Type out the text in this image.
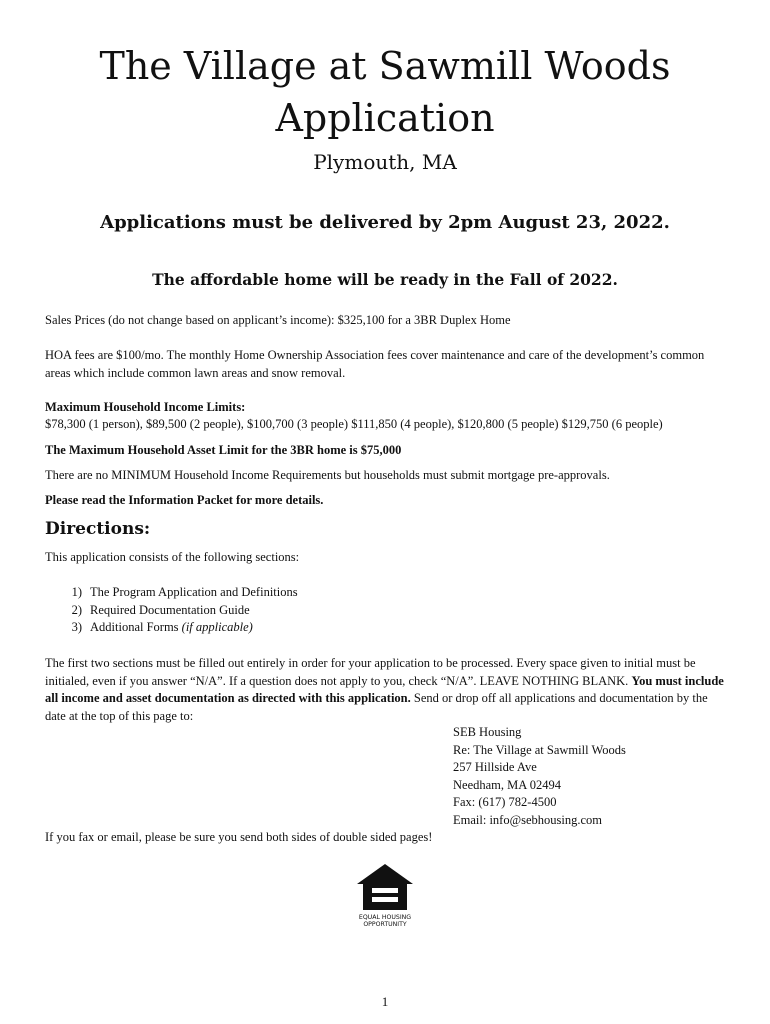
The Village at Sawmill Woods
Application
Plymouth, MA
Applications must be delivered by 2pm August 23, 2022.
The affordable home will be ready in the Fall of 2022.

Sales Prices (do not change based on applicant’s income): $325,100 for a 3BR Duplex Home

HOA fees are $100/mo. The monthly Home Ownership Association fees cover maintenance and care of the development’s common areas which include common lawn areas and snow removal.

Maximum Household Income Limits:

$78,300 (1 person), $89,500 (2 people), $100,700 (3 people) $111,850 (4 people), $120,800 (5 people) $129,750 (6 people)

The Maximum Household Asset Limit for the 3BR home is $75,000

There are no MINIMUM Household Income Requirements but households must submit mortgage pre-approvals.

Please read the Information Packet for more details.

Directions:

This application consists of the following sections:

1) The Program Application and Definitions
2) Required Documentation Guide
3) Additional Forms (if applicable)

The first two sections must be filled out entirely in order for your application to be processed. Every space given to initial must be initialed, even if you answer “N/A”. If a question does not apply to you, check “N/A”. LEAVE NOTHING BLANK. You must include all income and asset documentation as directed with this application. Send or drop off all applications and documentation by the date at the top of this page to:

SEB Housing
Re: The Village at Sawmill Woods
257 Hillside Ave
Needham, MA 02494
Fax: (617) 782-4500
Email: info@sebhousing.com

If you fax or email, please be sure you send both sides of double sided pages!

EQUAL HOUSING
OPPORTUNITY
1
